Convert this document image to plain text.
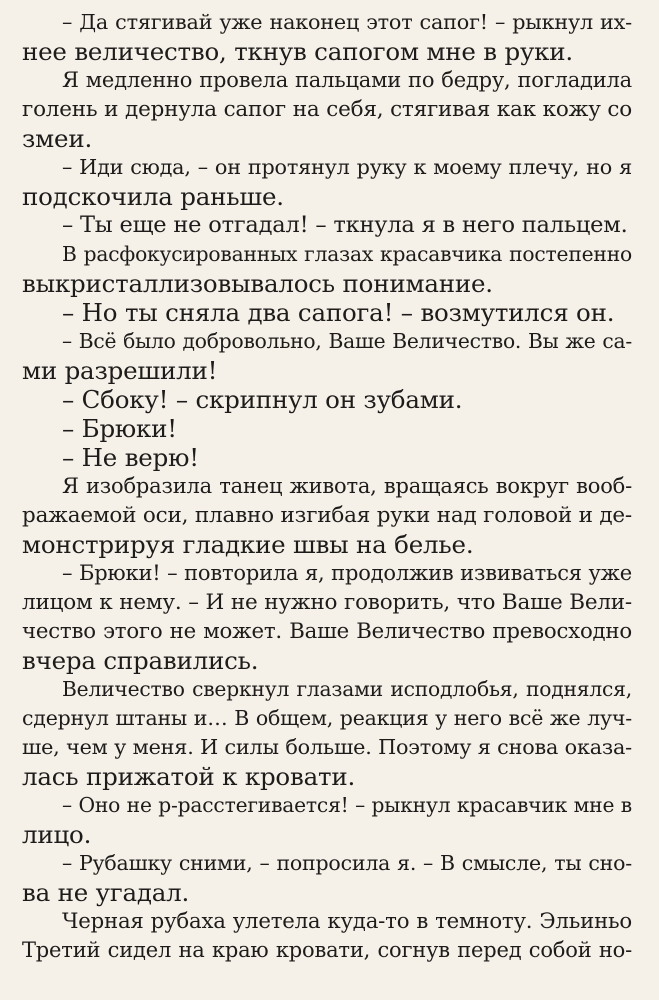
– Да стягивай уже наконец этот сапог! – рыкнул их-
нее величество, ткнув сапогом мне в руки.
Я медленно провела пальцами по бедру, погладила
голень и дернула сапог на себя, стягивая как кожу со
змеи.
– Иди сюда, – он протянул руку к моему плечу, но я
подскочила раньше.
– Ты еще не отгадал! – ткнула я в него пальцем.
В расфокусированных глазах красавчика постепенно
выкристаллизовывалось понимание.
– Но ты сняла два сапога! – возмутился он.
– Всё было добровольно, Ваше Величество. Вы же са-
ми разрешили!
– Сбоку! – скрипнул он зубами.
– Брюки!
– Не верю!
Я изобразила танец живота, вращаясь вокруг вооб-
ражаемой оси, плавно изгибая руки над головой и де-
монстрируя гладкие швы на белье.
– Брюки! – повторила я, продолжив извиваться уже
лицом к нему. – И не нужно говорить, что Ваше Вели-
чество этого не может. Ваше Величество превосходно
вчера справились.
Величество сверкнул глазами исподлобья, поднялся,
сдернул штаны и… В общем, реакция у него всё же луч-
ше, чем у меня. И силы больше. Поэтому я снова оказа-
лась прижатой к кровати.
– Оно не р-расстегивается! – рыкнул красавчик мне в
лицо.
– Рубашку сними, – попросила я. – В смысле, ты сно-
ва не угадал.
Черная рубаха улетела куда-то в темноту. Эльиньо
Третий сидел на краю кровати, согнув перед собой но-
